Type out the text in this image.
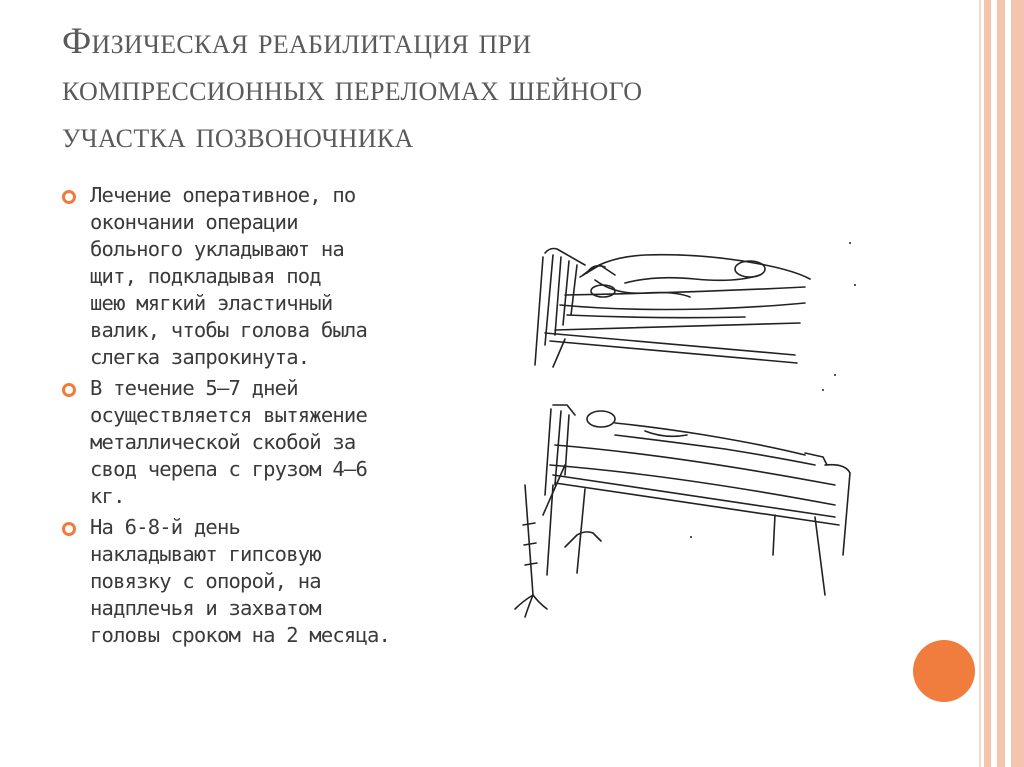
Физическая реабилитация при
компрессионных переломах шейного
участка позвоночника
Лечение оперативное, по
окончании операции
больного укладывают на
щит, подкладывая под
шею мягкий эластичный
валик, чтобы голова была
слегка запрокинута.
В течение 5–7 дней
осуществляется вытяжение
металлической скобой за
свод черепа с грузом 4–6
кг.
На 6-8-й день
накладывают гипсовую
повязку с опорой, на
надплечья и захватом
головы сроком на 2 месяца.
